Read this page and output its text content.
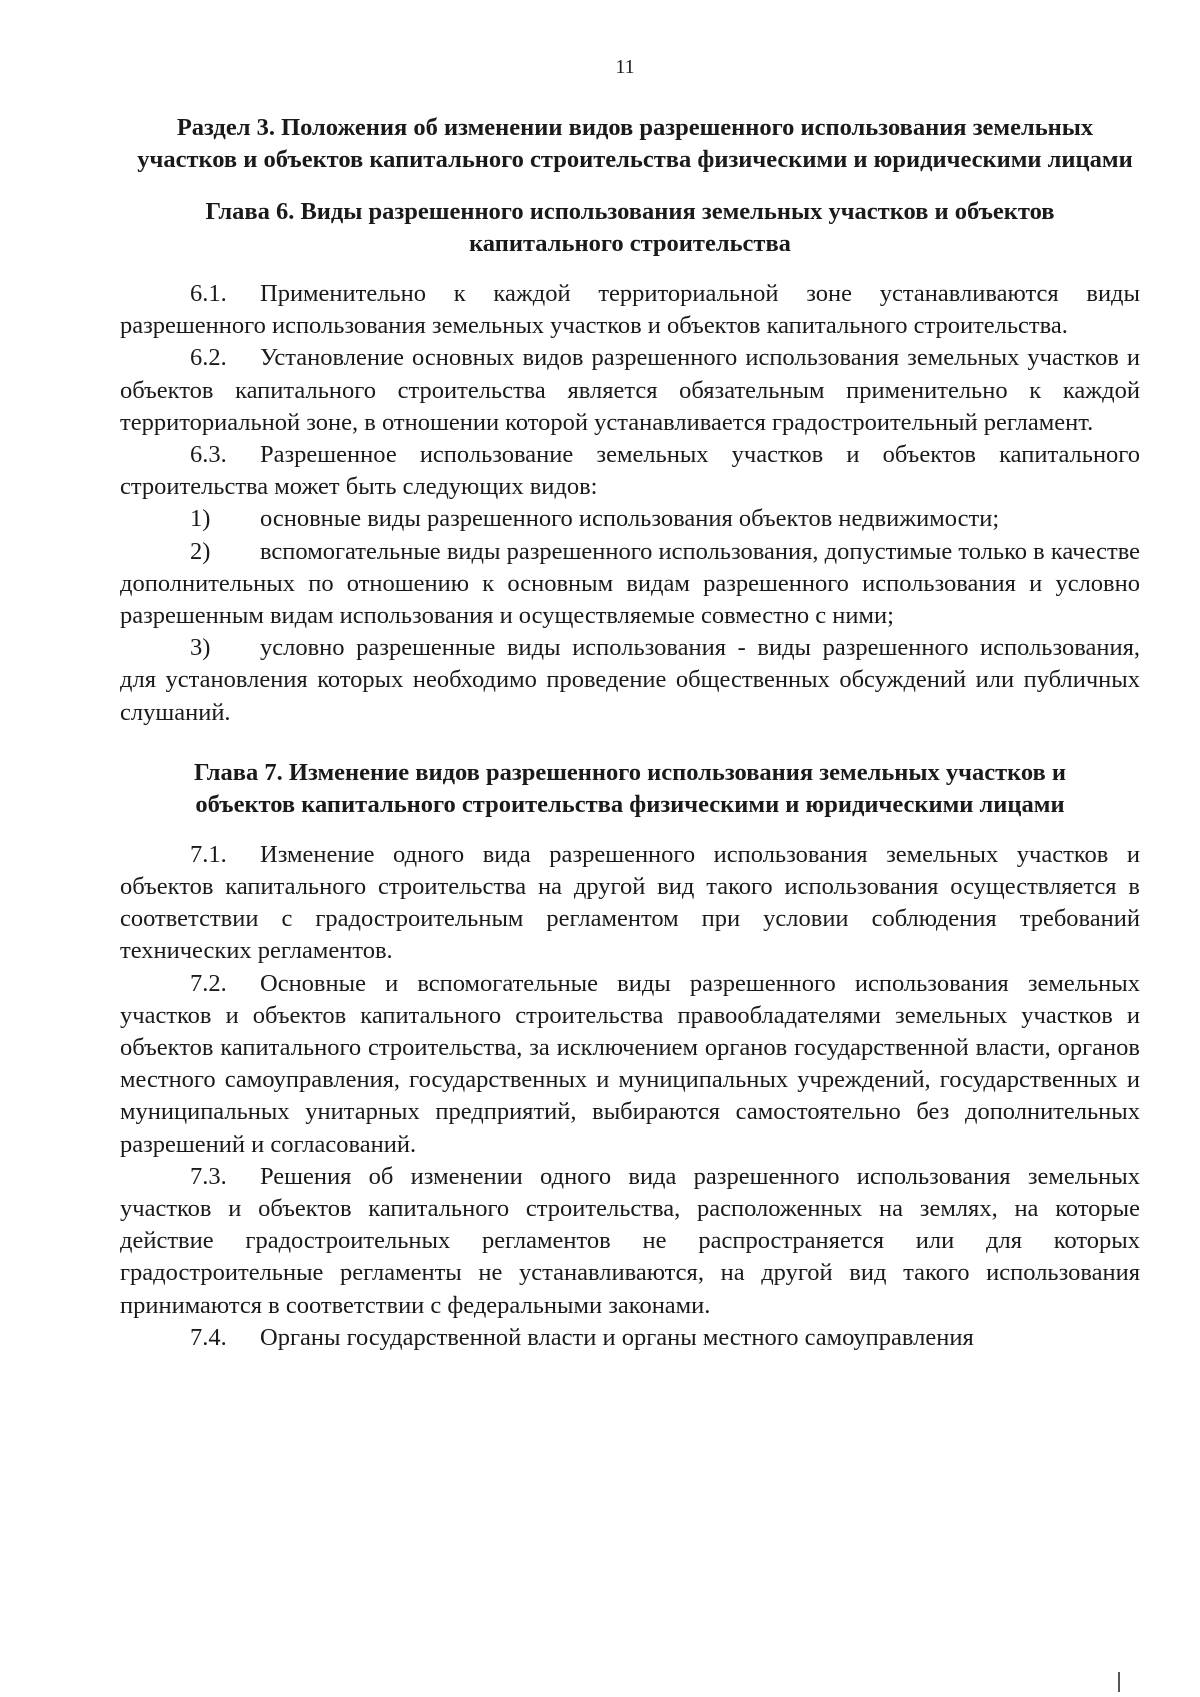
11

Раздел 3. Положения об изменении видов разрешенного использования земельных участков и объектов капитального строительства физическими и юридическими лицами

Глава 6. Виды разрешенного использования земельных участков и объектов капитального строительства

6.1. Применительно к каждой территориальной зоне устанавливаются виды разрешенного использования земельных участков и объектов капитального строительства.

6.2. Установление основных видов разрешенного использования земельных участков и объектов капитального строительства является обязательным применительно к каждой территориальной зоне, в отношении которой устанавливается градостроительный регламент.

6.3. Разрешенное использование земельных участков и объектов капитального строительства может быть следующих видов:

1) основные виды разрешенного использования объектов недвижимости;

2) вспомогательные виды разрешенного использования, допустимые только в качестве дополнительных по отношению к основным видам разрешенного использования и условно разрешенным видам использования и осуществляемые совместно с ними;

3) условно разрешенные виды использования - виды разрешенного использования, для установления которых необходимо проведение общественных обсуждений или публичных слушаний.

Глава 7. Изменение видов разрешенного использования земельных участков и объектов капитального строительства физическими и юридическими лицами

7.1. Изменение одного вида разрешенного использования земельных участков и объектов капитального строительства на другой вид такого использования осуществляется в соответствии с градостроительным регламентом при условии соблюдения требований технических регламентов.

7.2. Основные и вспомогательные виды разрешенного использования земельных участков и объектов капитального строительства правообладателями земельных участков и объектов капитального строительства, за исключением органов государственной власти, органов местного самоуправления, государственных и муниципальных учреждений, государственных и муниципальных унитарных предприятий, выбираются самостоятельно без дополнительных разрешений и согласований.

7.3. Решения об изменении одного вида разрешенного использования земельных участков и объектов капитального строительства, расположенных на землях, на которые действие градостроительных регламентов не распространяется или для которых градостроительные регламенты не устанавливаются, на другой вид такого использования принимаются в соответствии с федеральными законами.

7.4. Органы государственной власти и органы местного самоуправления
